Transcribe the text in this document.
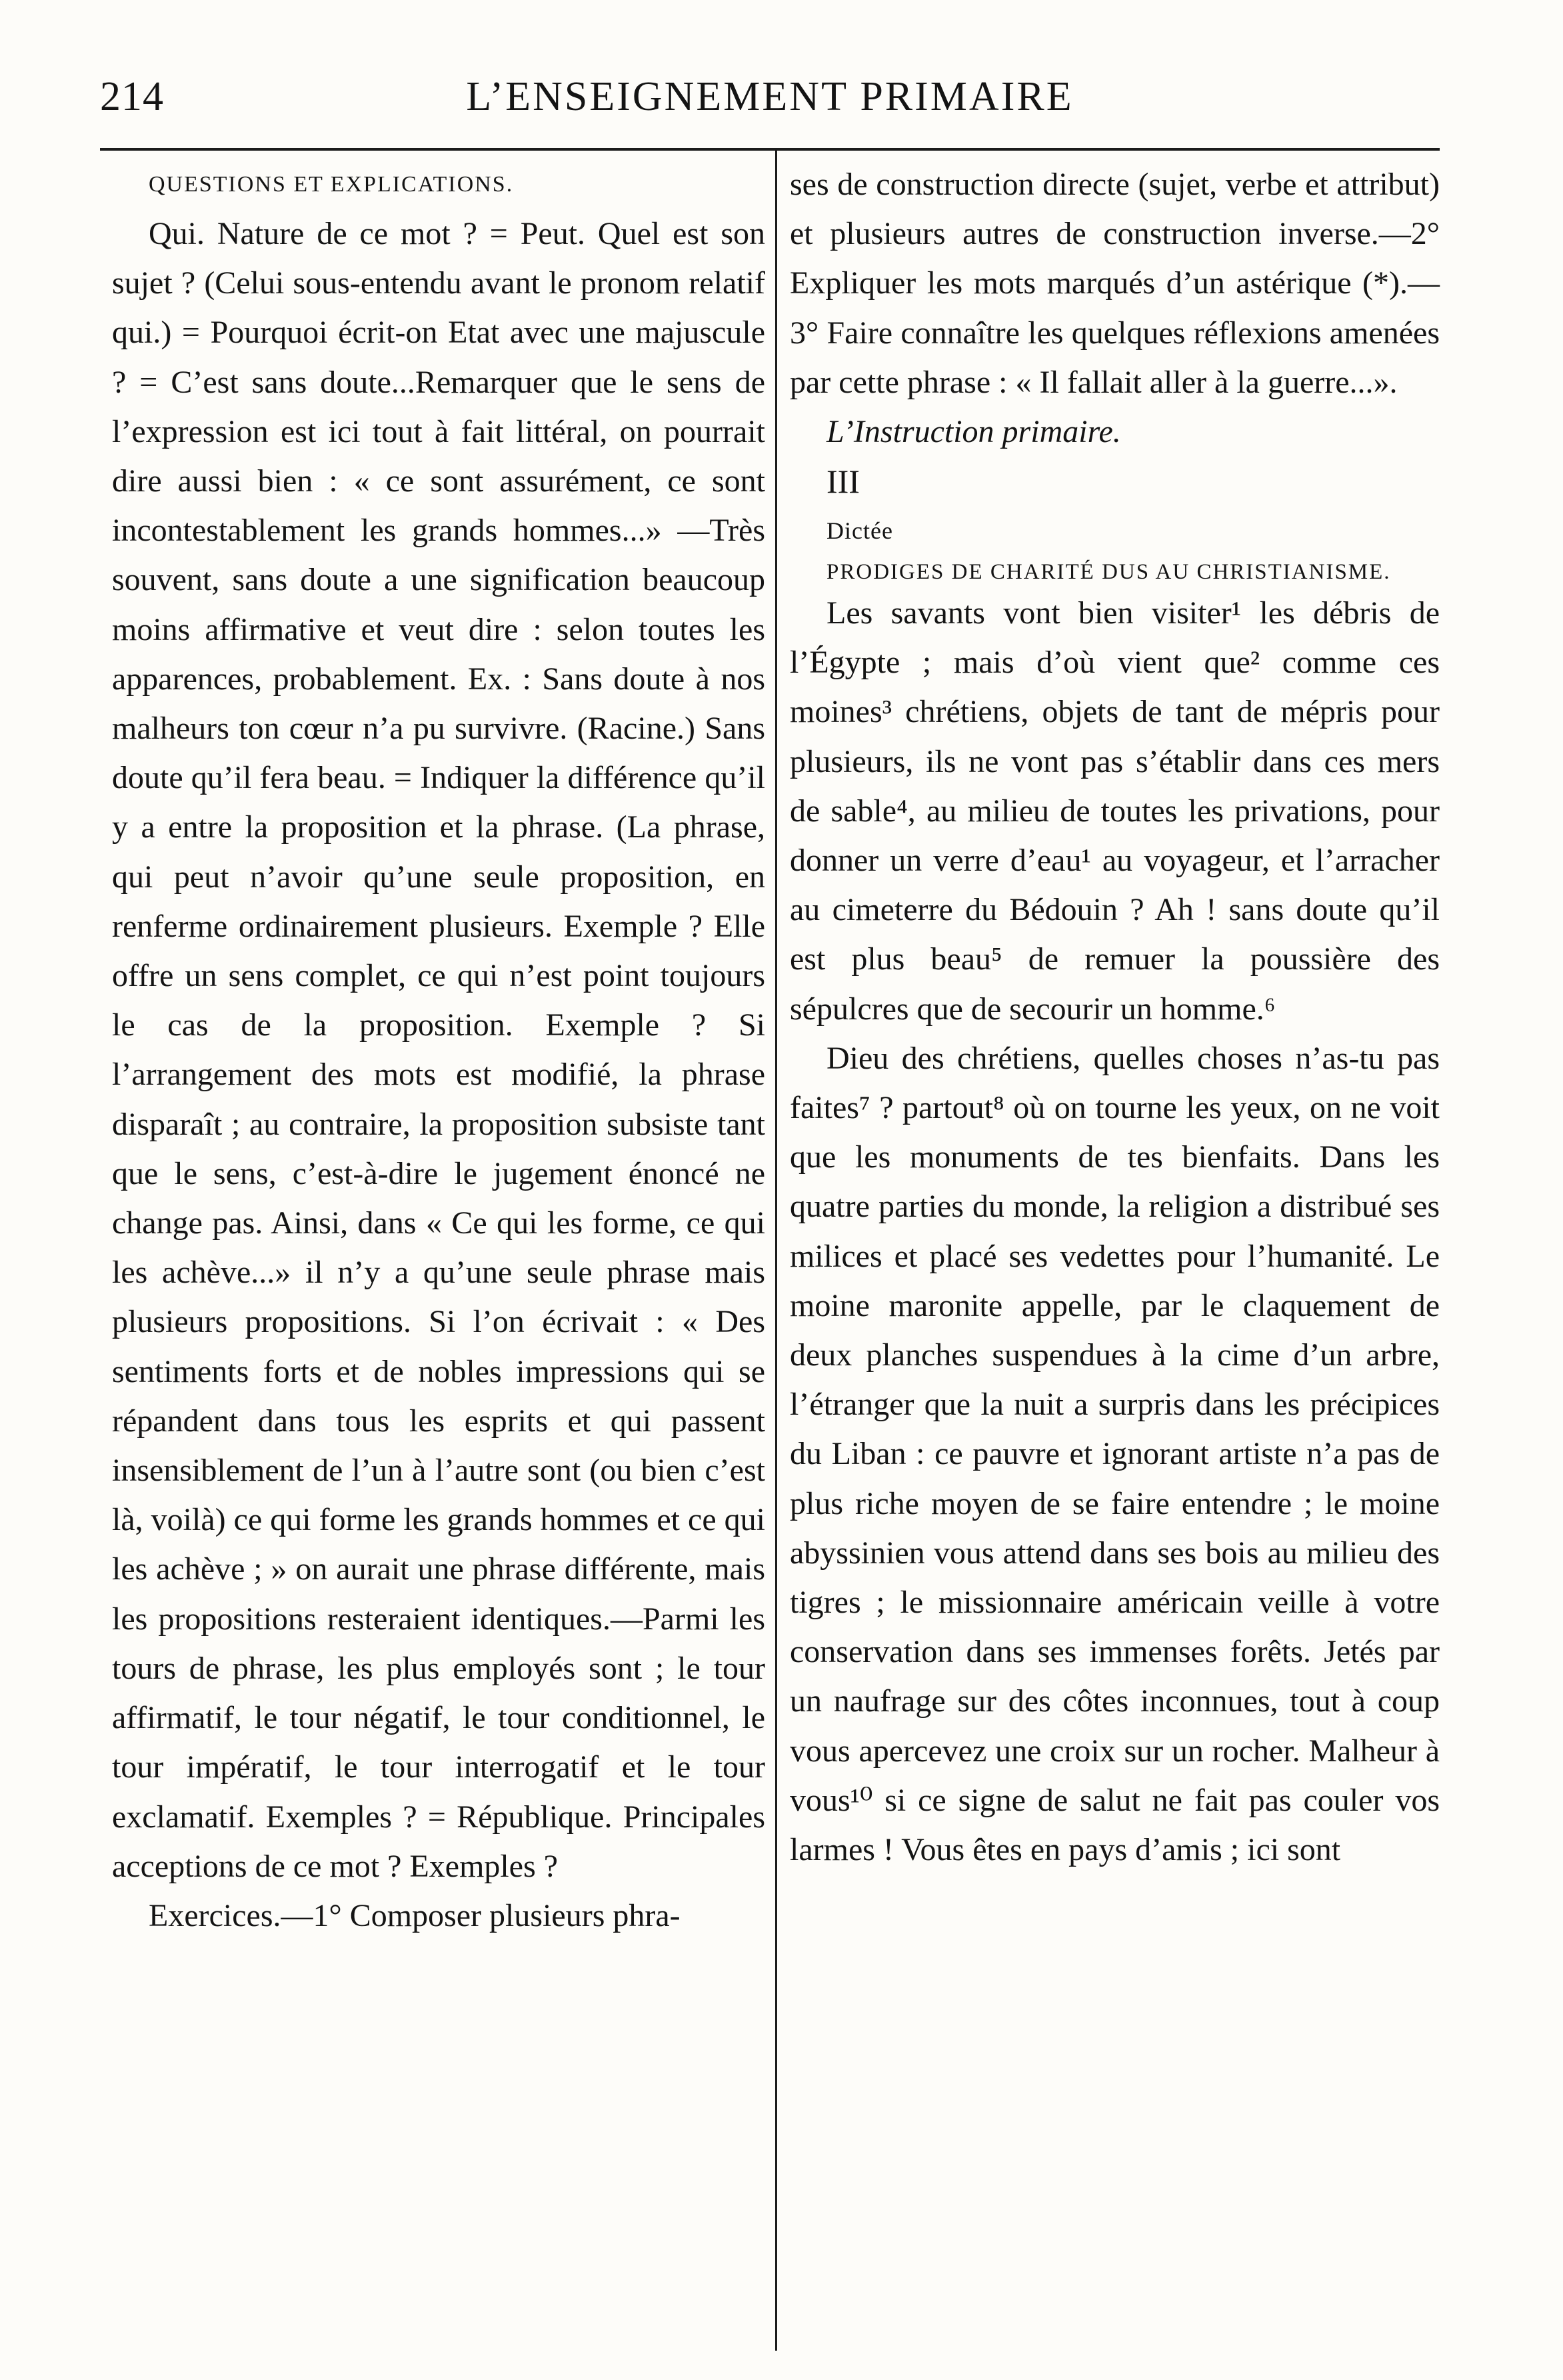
214	L’ENSEIGNEMENT PRIMAIRE

QUESTIONS ET EXPLICATIONS.

Qui. Nature de ce mot ? = Peut. Quel est son sujet ? (Celui sous-entendu avant le pronom relatif qui.) = Pourquoi écrit-on Etat avec une majuscule ? = C’est sans doute...Remarquer que le sens de l’expression est ici tout à fait littéral, on pourrait dire aussi bien : « ce sont assurément, ce sont incontestablement les grands hommes...» —Très souvent, sans doute a une signification beaucoup moins affirmative et veut dire : selon toutes les apparences, probablement. Ex. : Sans doute à nos malheurs ton cœur n’a pu survivre. (Racine.) Sans doute qu’il fera beau. = Indiquer la différence qu’il y a entre la proposition et la phrase. (La phrase, qui peut n’avoir qu’une seule proposition, en renferme ordinairement plusieurs. Exemple ? Elle offre un sens complet, ce qui n’est point toujours le cas de la proposition. Exemple ? Si l’arrangement des mots est modifié, la phrase disparaît ; au contraire, la proposition subsiste tant que le sens, c’est-à-dire le jugement énoncé ne change pas. Ainsi, dans « Ce qui les forme, ce qui les achève...» il n’y a qu’une seule phrase mais plusieurs propositions. Si l’on écrivait : « Des sentiments forts et de nobles impressions qui se répandent dans tous les esprits et qui passent insensiblement de l’un à l’autre sont (ou bien c’est là, voilà) ce qui forme les grands hommes et ce qui les achève ; » on aurait une phrase différente, mais les propositions resteraient identiques.—Parmi les tours de phrase, les plus employés sont ; le tour affirmatif, le tour négatif, le tour conditionnel, le tour impératif, le tour interrogatif et le tour exclamatif. Exemples ? = République. Principales acceptions de ce mot ? Exemples ?

Exercices.—1° Composer plusieurs phra-

ses de construction directe (sujet, verbe et attribut) et plusieurs autres de construction inverse.—2° Expliquer les mots marqués d’un astérique (*).—3° Faire connaître les quelques réflexions amenées par cette phrase : « Il fallait aller à la guerre...».

L’Instruction primaire.

III

Dictée

PRODIGES DE CHARITÉ DUS AU CHRISTIANISME.

Les savants vont bien visiter¹ les débris de l’Égypte ; mais d’où vient que² comme ces moines³ chrétiens, objets de tant de mépris pour plusieurs, ils ne vont pas s’établir dans ces mers de sable⁴, au milieu de toutes les privations, pour donner un verre d’eau¹ au voyageur, et l’arracher au cimeterre du Bédouin ? Ah ! sans doute qu’il est plus beau⁵ de remuer la poussière des sépulcres que de secourir un homme.⁶

Dieu des chrétiens, quelles choses n’as-tu pas faites⁷ ? partout⁸ où on tourne les yeux, on ne voit que les monuments de tes bienfaits. Dans les quatre parties du monde, la religion a distribué ses milices et placé ses vedettes pour l’humanité. Le moine maronite appelle, par le claquement de deux planches suspendues à la cime d’un arbre, l’étranger que la nuit a surpris dans les précipices du Liban : ce pauvre et ignorant artiste n’a pas de plus riche moyen de se faire entendre ; le moine abyssinien vous attend dans ses bois au milieu des tigres ; le missionnaire américain veille à votre conservation dans ses immenses forêts. Jetés par un naufrage sur des côtes inconnues, tout à coup vous apercevez une croix sur un rocher. Malheur à vous¹⁰ si ce signe de salut ne fait pas couler vos larmes ! Vous êtes en pays d’amis ; ici sont
